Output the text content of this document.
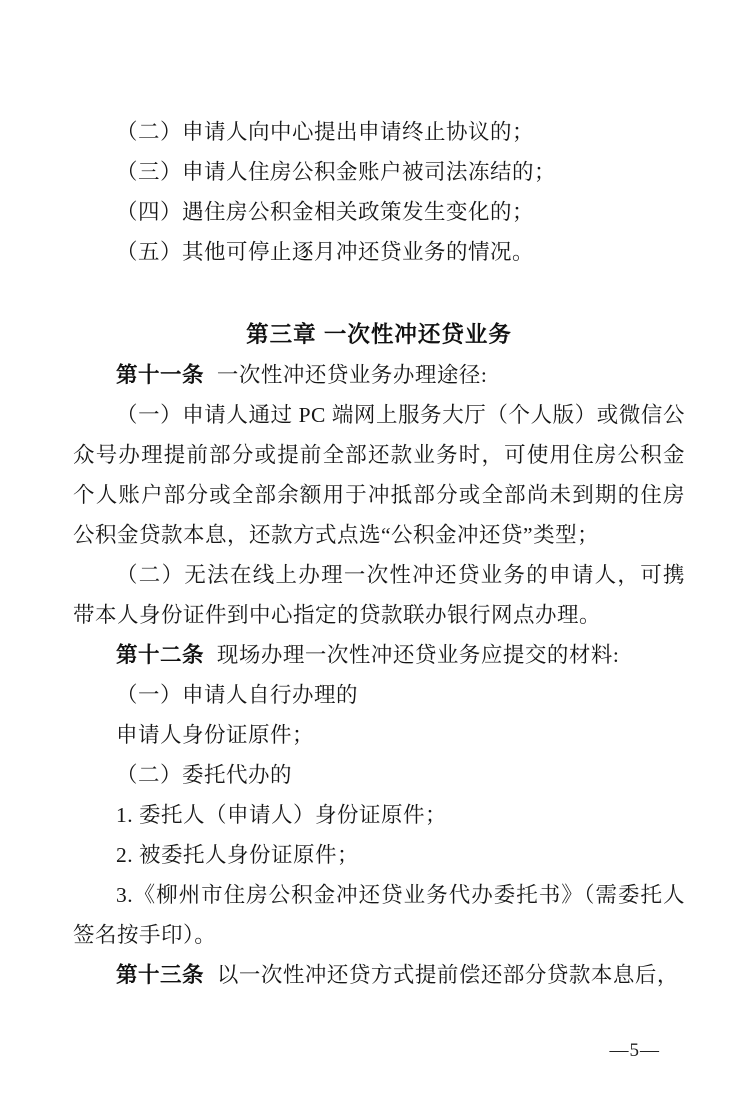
（二）申请人向中心提出申请终止协议的；

（三）申请人住房公积金账户被司法冻结的；

（四）遇住房公积金相关政策发生变化的；

（五）其他可停止逐月冲还贷业务的情况。

第三章 一次性冲还贷业务

第十一条 一次性冲还贷业务办理途径:

（一）申请人通过 PC 端网上服务大厅（个人版）或微信公众号办理提前部分或提前全部还款业务时，可使用住房公积金个人账户部分或全部余额用于冲抵部分或全部尚未到期的住房公积金贷款本息，还款方式点选“公积金冲还贷”类型；

（二）无法在线上办理一次性冲还贷业务的申请人，可携带本人身份证件到中心指定的贷款联办银行网点办理。

第十二条 现场办理一次性冲还贷业务应提交的材料:

（一）申请人自行办理的

申请人身份证原件；

（二）委托代办的

1. 委托人（申请人）身份证原件；

2. 被委托人身份证原件；

3.《柳州市住房公积金冲还贷业务代办委托书》（需委托人签名按手印）。

第十三条 以一次性冲还贷方式提前偿还部分贷款本息后，

—5—
